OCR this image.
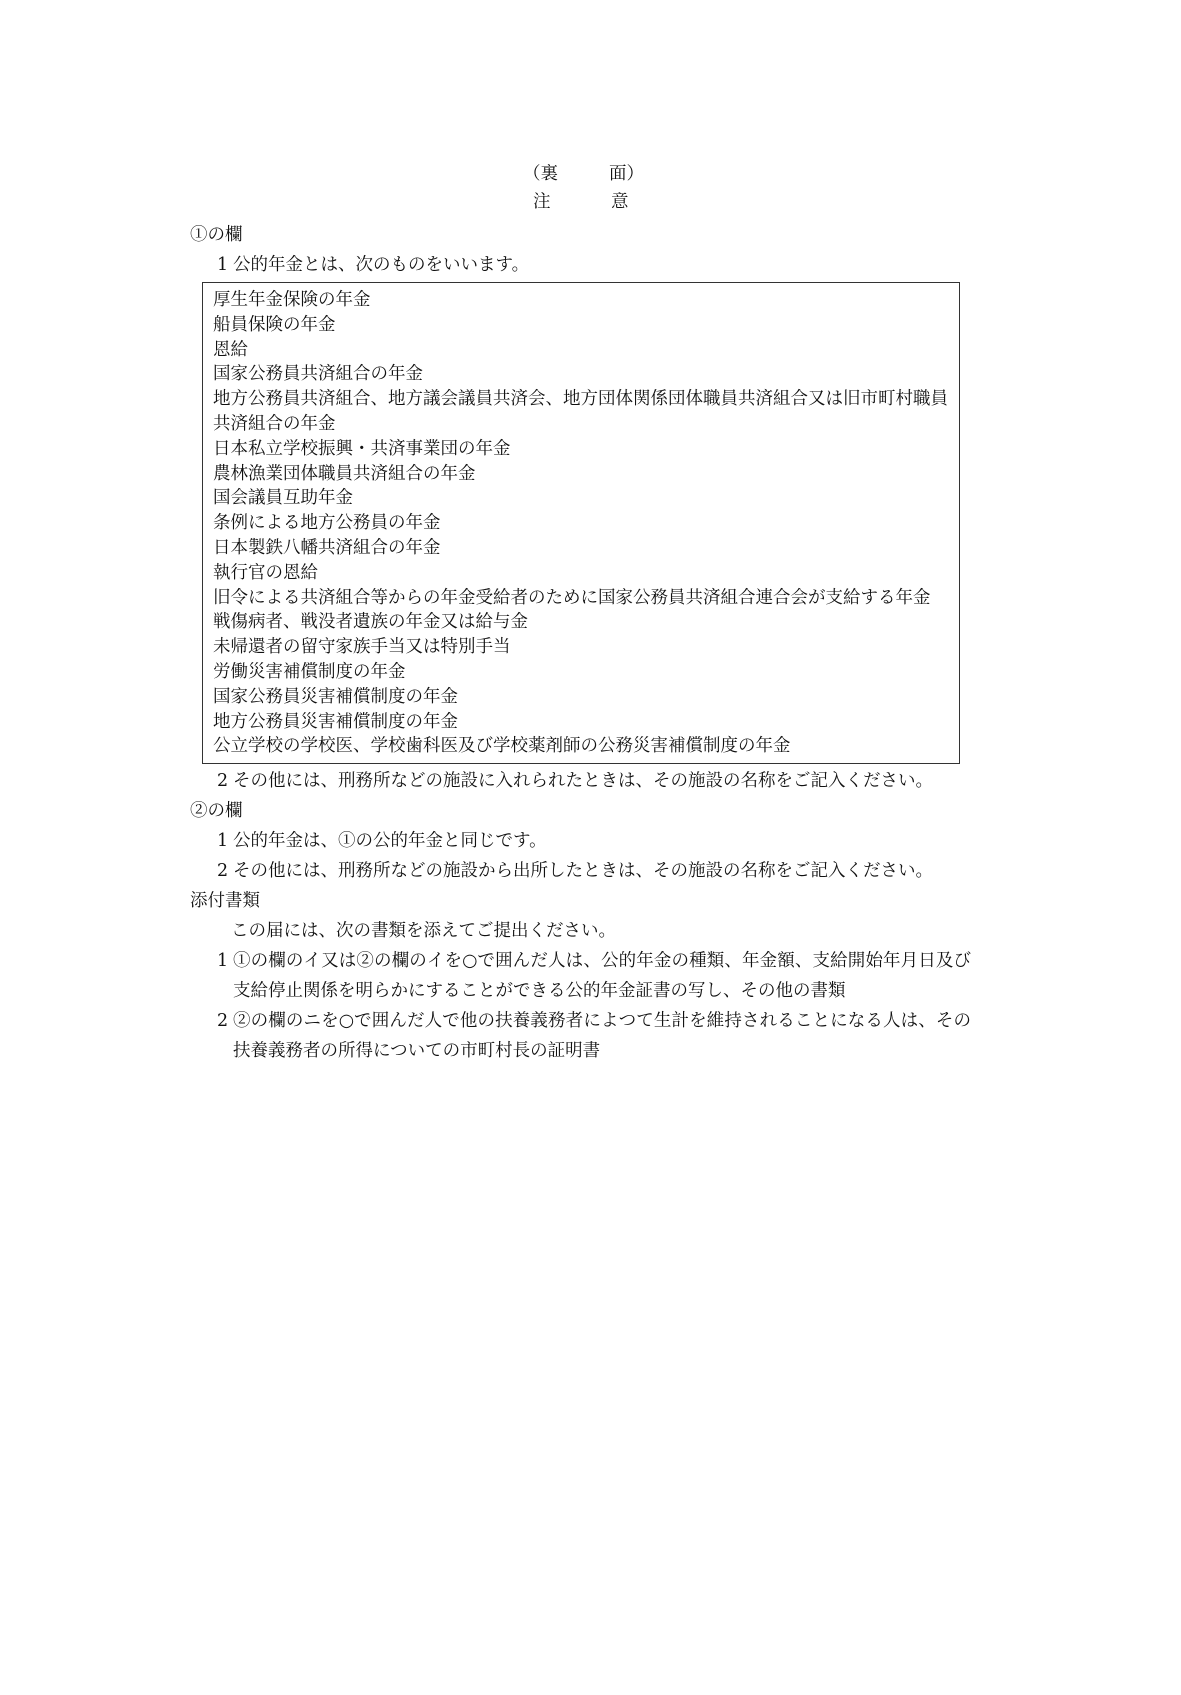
（裏	面）
注	意
①の欄
1 公的年金とは、次のものをいいます。
厚生年金保険の年金
船員保険の年金
恩給
国家公務員共済組合の年金
地方公務員共済組合、地方議会議員共済会、地方団体関係団体職員共済組合又は旧市町村職員共済組合の年金
日本私立学校振興・共済事業団の年金
農林漁業団体職員共済組合の年金
国会議員互助年金
条例による地方公務員の年金
日本製鉄八幡共済組合の年金
執行官の恩給
旧令による共済組合等からの年金受給者のために国家公務員共済組合連合会が支給する年金
戦傷病者、戦没者遺族の年金又は給与金
未帰還者の留守家族手当又は特別手当
労働災害補償制度の年金
国家公務員災害補償制度の年金
地方公務員災害補償制度の年金
公立学校の学校医、学校歯科医及び学校薬剤師の公務災害補償制度の年金
2 その他には、刑務所などの施設に入れられたときは、その施設の名称をご記入ください。
②の欄
1 公的年金は、①の公的年金と同じです。
2 その他には、刑務所などの施設から出所したときは、その施設の名称をご記入ください。
添付書類
この届には、次の書類を添えてご提出ください。
1 ①の欄のイ又は②の欄のイを○で囲んだ人は、公的年金の種類、年金額、支給開始年月日及び支給停止関係を明らかにすることができる公的年金証書の写し、その他の書類
2 ②の欄のニを○で囲んだ人で他の扶養義務者によつて生計を維持されることになる人は、その扶養義務者の所得についての市町村長の証明書
